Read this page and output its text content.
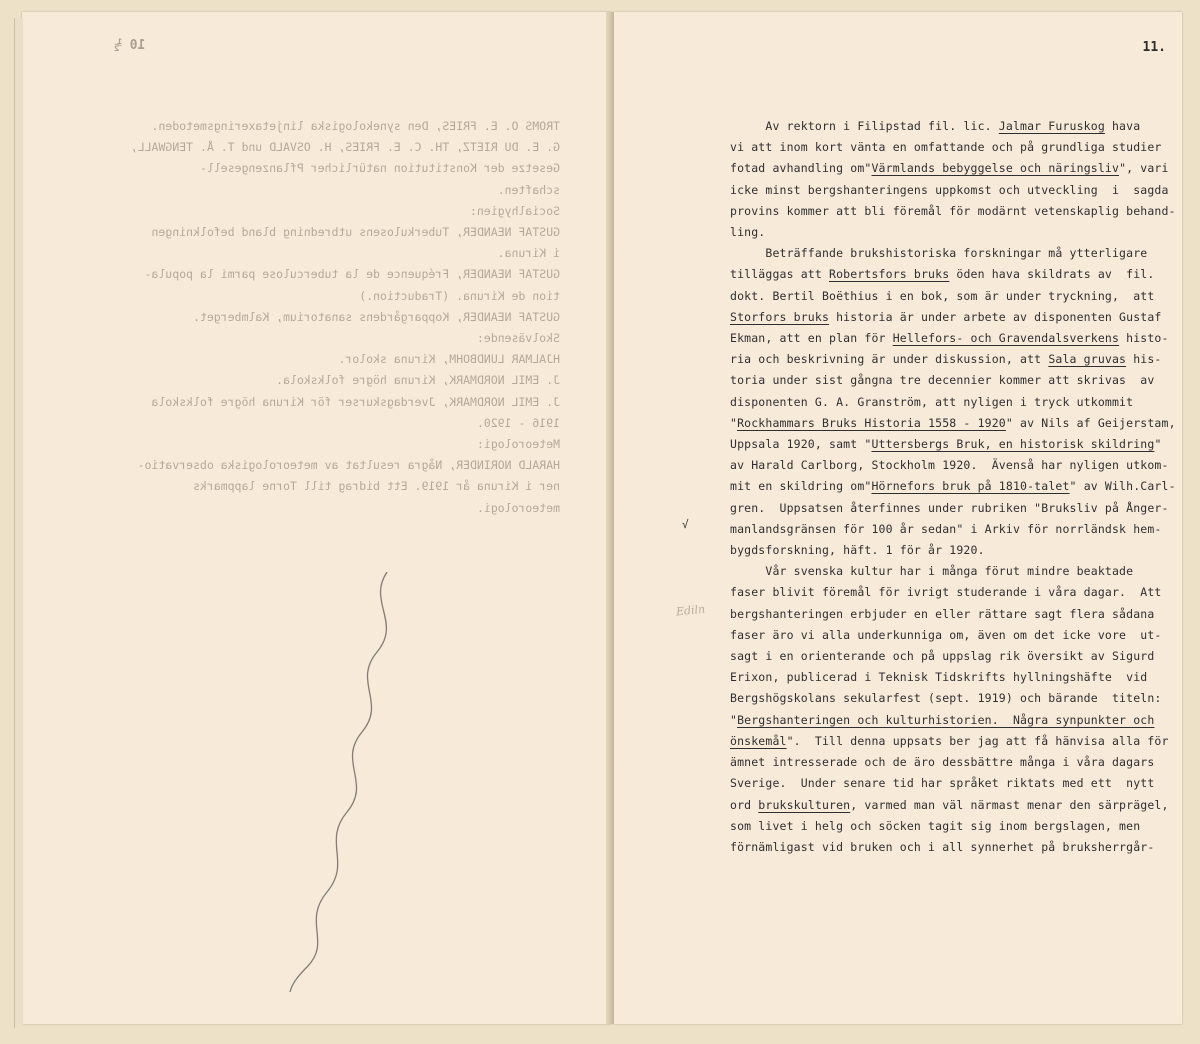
10 ½
TROMS O. E. FRIES, Den synekologiska linjetaxeringsmetoden.
G. E. DU RIETZ, TH. C. E. FRIES, H. OSVALD und T. Å. TENGWALL,
Gesetze der Konstitution natürlicher Pflanzengesell-
schaften.
Socialhygien:
GUSTAF NEANDER, Tuberkulosens utbredning bland befolkningen
i Kiruna.
GUSTAF NEANDER, Fréquence de la tuberculose parmi la popula-
tion de Kiruna. (Traduction.)
GUSTAF NEANDER, Koppargårdens sanatorium, Kalmberget.
Skolväsende:
HJALMAR LUNDBOHM, Kiruna skolor.
J. EMIL NORDMARK, Kiruna högre folkskola.
J. EMIL NORDMARK, Jverdagskurser för Kiruna högre folkskola
1916 - 1920.
Meteorologi:
HARALD NORINDER, Några resultat av meteorologiska observatio-
ner i Kiruna år 1919. Ett bidrag till Torne lappmarks
meteorologi.
11.
Av rektorn i Filipstad fil. lic. Jalmar Furuskog hava
vi att inom kort vänta en omfattande och på grundliga studier
fotad avhandling om"Värmlands bebyggelse och näringsliv", vari
icke minst bergshanteringens uppkomst och utveckling  i  sagda
provins kommer att bli föremål för modärnt vetenskaplig behand-
ling.
Beträffande brukshistoriska forskningar må ytterligare
tilläggas att Robertsfors bruks öden hava skildrats av  fil.
dokt. Bertil Boëthius i en bok, som är under tryckning,  att
Storfors bruks historia är under arbete av disponenten Gustaf
Ekman, att en plan för Hellefors- och Gravendalsverkens histo-
ria och beskrivning är under diskussion, att Sala gruvas his-
toria under sist gångna tre decennier kommer att skrivas  av
disponenten G. A. Granström, att nyligen i tryck utkommit
"Rockhammars Bruks Historia 1558 - 1920" av Nils af Geijerstam,
Uppsala 1920, samt "Uttersbergs Bruk, en historisk skildring"
av Harald Carlborg, Stockholm 1920.  Ävenså har nyligen utkom-
mit en skildring om"Hörnefors bruk på 1810-talet" av Wilh.Carl-
gren.  Uppsatsen återfinnes under rubriken "Bruksliv på Ånger-
manlandsgränsen för 100 år sedan" i Arkiv för norrländsk hem-
bygdsforskning, häft. 1 för år 1920.
Vår svenska kultur har i många förut mindre beaktade
faser blivit föremål för ivrigt studerande i våra dagar.  Att
bergshanteringen erbjuder en eller rättare sagt flera sådana
faser äro vi alla underkunniga om, även om det icke vore  ut-
sagt i en orienterande och på uppslag rik översikt av Sigurd
Erixon, publicerad i Teknisk Tidskrifts hyllningshäfte  vid
Bergshögskolans sekularfest (sept. 1919) och bärande  titeln:
"Bergshanteringen och kulturhistorien.  Några synpunkter och
önskemål".  Till denna uppsats ber jag att få hänvisa alla för
ämnet intresserade och de äro dessbättre många i våra dagars
Sverige.  Under senare tid har språket riktats med ett  nytt
ord brukskulturen, varmed man väl närmast menar den särprägel,
som livet i helg och söcken tagit sig inom bergslagen, men
förnämligast vid bruken och i all synnerhet på bruksherrgår-
√
Ediln
